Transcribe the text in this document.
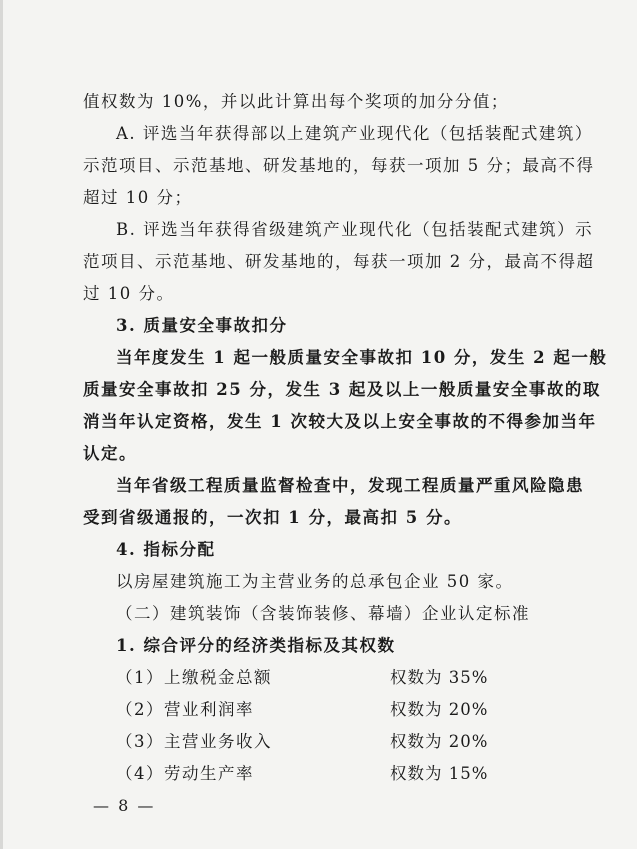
值权数为 10%，并以此计算出每个奖项的加分分值；
A. 评选当年获得部以上建筑产业现代化（包括装配式建筑）
示范项目、示范基地、研发基地的，每获一项加 5 分；最高不得
超过 10 分；
B. 评选当年获得省级建筑产业现代化（包括装配式建筑）示
范项目、示范基地、研发基地的，每获一项加 2 分，最高不得超
过 10 分。
3. 质量安全事故扣分
当年度发生 1 起一般质量安全事故扣 10 分，发生 2 起一般
质量安全事故扣 25 分，发生 3 起及以上一般质量安全事故的取
消当年认定资格，发生 1 次较大及以上安全事故的不得参加当年
认定。
当年省级工程质量监督检查中，发现工程质量严重风险隐患
受到省级通报的，一次扣 1 分，最高扣 5 分。
4. 指标分配
以房屋建筑施工为主营业务的总承包企业 50 家。
（二）建筑装饰（含装饰装修、幕墙）企业认定标准
1. 综合评分的经济类指标及其权数
（1）上缴税金总额	权数为 35%
（2）营业利润率	权数为 20%
（3）主营业务收入	权数为 20%
（4）劳动生产率	权数为 15%
— 8 —
